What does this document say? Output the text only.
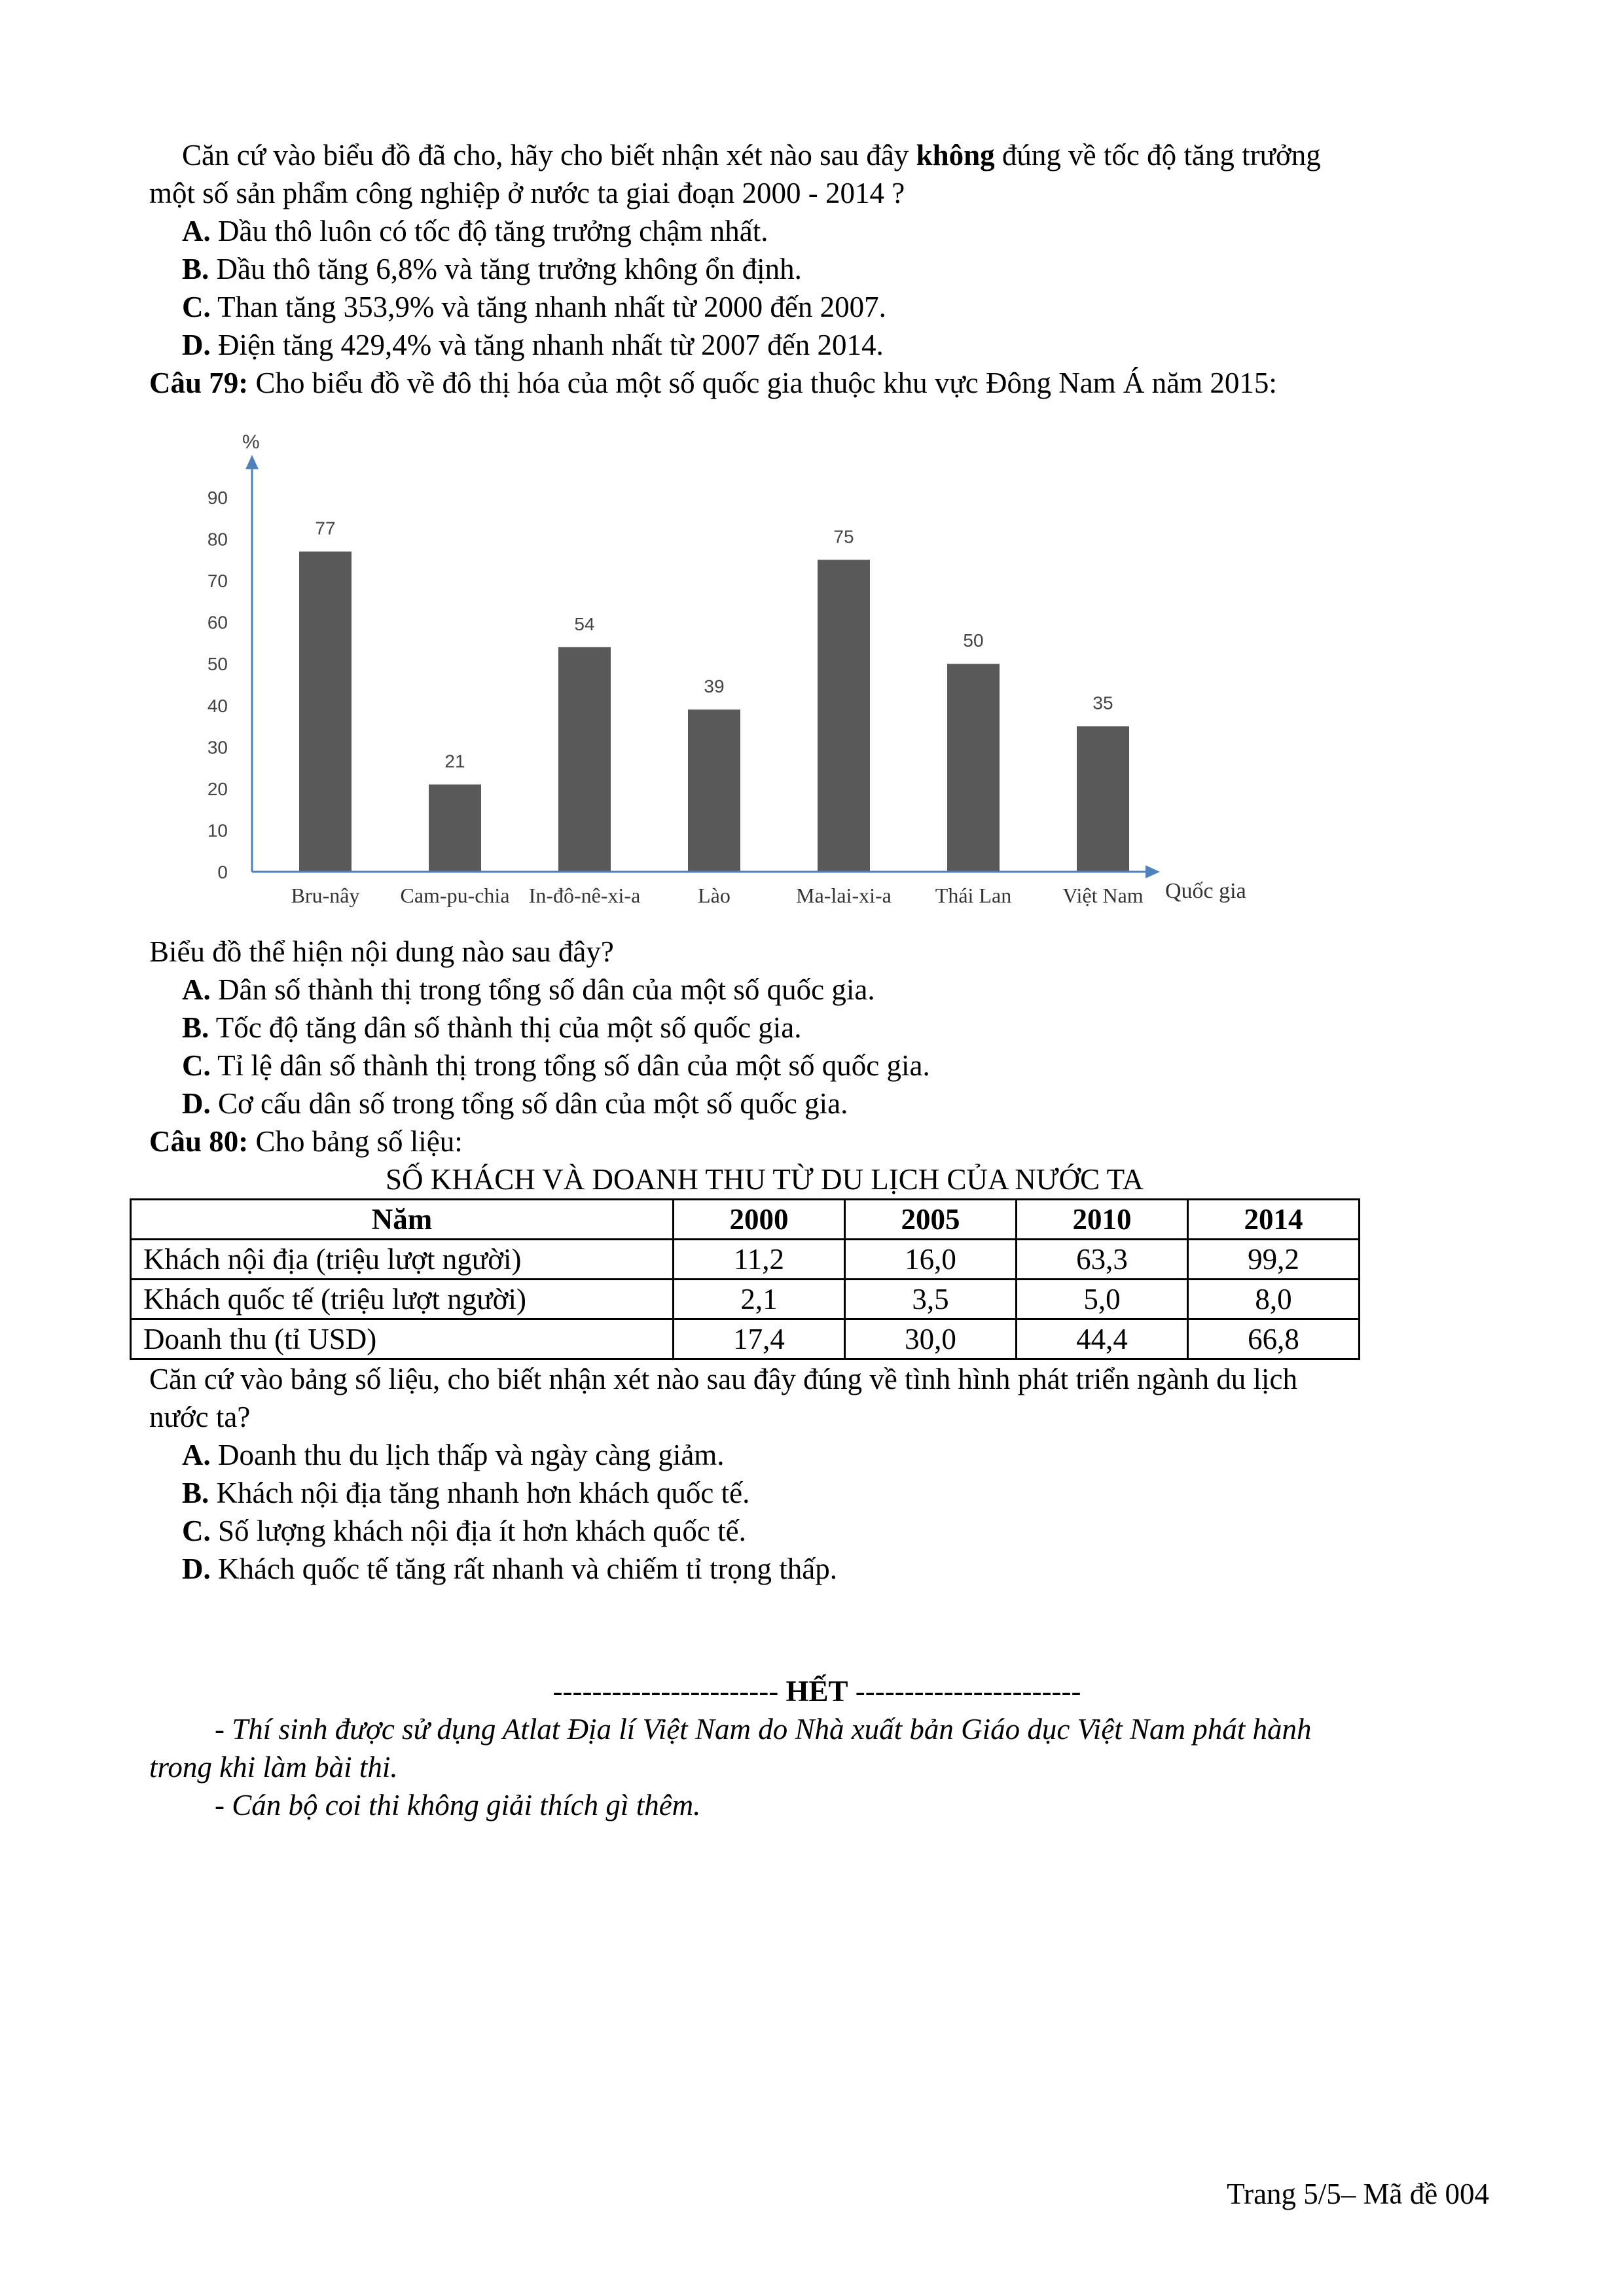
Căn cứ vào biểu đồ đã cho, hãy cho biết nhận xét nào sau đây không đúng về tốc độ tăng trưởng
một số sản phẩm công nghiệp ở nước ta giai đoạn 2000 - 2014 ?
A. Dầu thô luôn có tốc độ tăng trưởng chậm nhất.
B. Dầu thô tăng 6,8% và tăng trưởng không ổn định.
C. Than tăng 353,9% và tăng nhanh nhất từ 2000 đến 2007.
D. Điện tăng 429,4% và tăng nhanh nhất từ 2007 đến 2014.
Câu 79: Cho biểu đồ về đô thị hóa của một số quốc gia thuộc khu vực Đông Nam Á năm 2015:
0
10
20
30
40
50
60
70
80
90
77
21
54
39
75
50
35
Bru-nây Cam-pu-chia In-đô-nê-xi-a	Lào	Ma-lai-xi-a Thái Lan Việt Nam
%
Quốc gia
Biểu đồ thể hiện nội dung nào sau đây?
A. Dân số thành thị trong tổng số dân của một số quốc gia.
B. Tốc độ tăng dân số thành thị của một số quốc gia.
C. Tỉ lệ dân số thành thị trong tổng số dân của một số quốc gia.
D. Cơ cấu dân số trong tổng số dân của một số quốc gia.
Câu 80: Cho bảng số liệu:
SỐ KHÁCH VÀ DOANH THU TỪ DU LỊCH CỦA NƯỚC TA
Năm	2000	2005	2010	2014
Khách nội địa (triệu lượt người)	11,2	16,0	63,3	99,2
Khách quốc tế (triệu lượt người)	2,1	3,5	5,0	8,0
Doanh thu (tỉ USD)	17,4	30,0	44,4	66,8
Căn cứ vào bảng số liệu, cho biết nhận xét nào sau đây đúng về tình hình phát triển ngành du lịch
nước ta?
A. Doanh thu du lịch thấp và ngày càng giảm.
B. Khách nội địa tăng nhanh hơn khách quốc tế.
C. Số lượng khách nội địa ít hơn khách quốc tế.
D. Khách quốc tế tăng rất nhanh và chiếm tỉ trọng thấp.
----------------------- HẾT -----------------------
- Thí sinh được sử dụng Atlat Địa lí Việt Nam do Nhà xuất bản Giáo dục Việt Nam phát hành
trong khi làm bài thi.
- Cán bộ coi thi không giải thích gì thêm.
Trang 5/5– Mã đề 004
